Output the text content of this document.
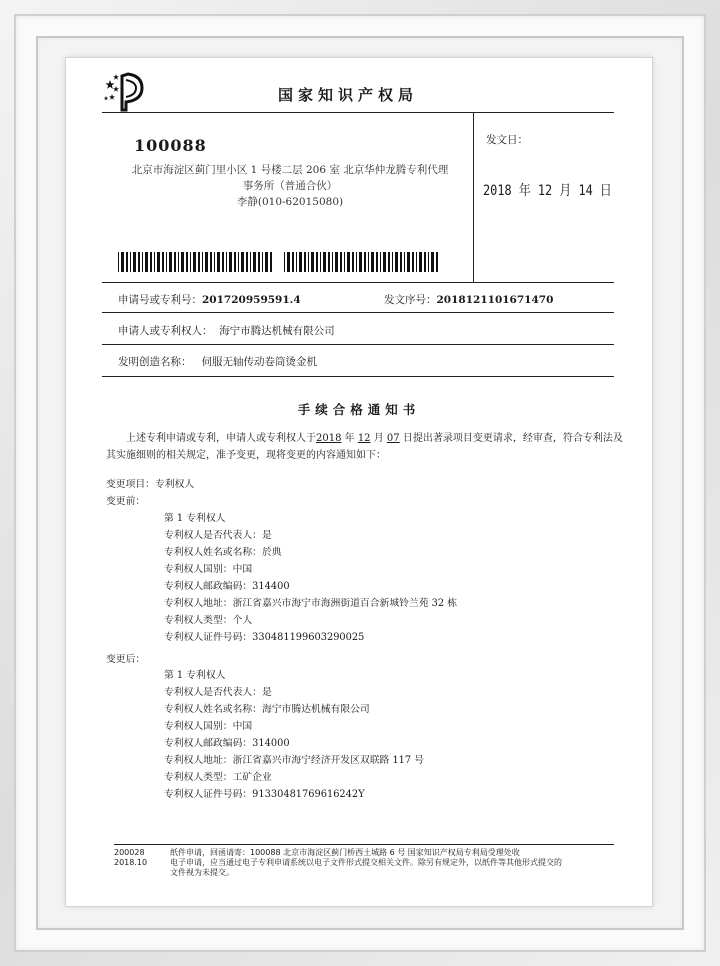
国家知识产权局
100088
北京市海淀区蓟门里小区 1 号楼二层 206 室 北京华仲龙腾专利代理
事务所（普通合伙）
李静(010-62015080)
发文日：
2018 年 12 月 14 日
申请号或专利号：201720959591.4	发文序号：2018121101671470
申请人或专利权人： 海宁市腾达机械有限公司
发明创造名称： 伺服无轴传动卷筒烫金机
手续合格通知书
上述专利申请或专利，申请人或专利权人于2018 年 12 月 07 日提出著录项目变更请求，经审查，符合专利法及其实施细则的相关规定，准予变更，现将变更的内容通知如下：
变更项目：专利权人
变更前：
第 1 专利权人
专利权人是否代表人：是
专利权人姓名或名称：於典
专利权人国别：中国
专利权人邮政编码：314400
专利权人地址：浙江省嘉兴市海宁市海洲街道百合新城铃兰苑 32 栋
专利权人类型：个人
专利权人证件号码：330481199603290025
变更后：
第 1 专利权人
专利权人是否代表人：是
专利权人姓名或名称：海宁市腾达机械有限公司
专利权人国别：中国
专利权人邮政编码：314000
专利权人地址：浙江省嘉兴市海宁经济开发区双联路 117 号
专利权人类型：工矿企业
专利权人证件号码：91330481769616242Y
200028
2018.10
纸件申请，回函请寄：100088 北京市海淀区蓟门桥西土城路 6 号 国家知识产权局专利局受理处收
电子申请，应当通过电子专利申请系统以电子文件形式提交相关文件。除另有规定外，以纸件等其他形式提交的
文件视为未提交。
